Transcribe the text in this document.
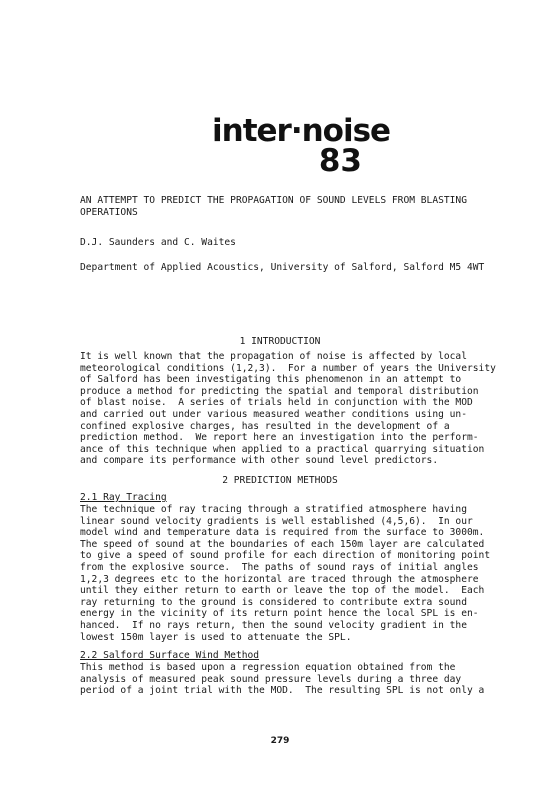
inter·noise
83
AN ATTEMPT TO PREDICT THE PROPAGATION OF SOUND LEVELS FROM BLASTING
OPERATIONS
D.J. Saunders and C. Waites
Department of Applied Acoustics, University of Salford, Salford M5 4WT
1 INTRODUCTION
It is well known that the propagation of noise is affected by local
meteorological conditions (1,2,3).  For a number of years the University
of Salford has been investigating this phenomenon in an attempt to
produce a method for predicting the spatial and temporal distribution
of blast noise.  A series of trials held in conjunction with the MOD
and carried out under various measured weather conditions using un-
confined explosive charges, has resulted in the development of a
prediction method.  We report here an investigation into the perform-
ance of this technique when applied to a practical quarrying situation
and compare its performance with other sound level predictors.
2 PREDICTION METHODS
2.1 Ray Tracing
The technique of ray tracing through a stratified atmosphere having
linear sound velocity gradients is well established (4,5,6).  In our
model wind and temperature data is required from the surface to 3000m.
The speed of sound at the boundaries of each 150m layer are calculated
to give a speed of sound profile for each direction of monitoring point
from the explosive source.  The paths of sound rays of initial angles
1,2,3 degrees etc to the horizontal are traced through the atmosphere
until they either return to earth or leave the top of the model.  Each
ray returning to the ground is considered to contribute extra sound
energy in the vicinity of its return point hence the local SPL is en-
hanced.  If no rays return, then the sound velocity gradient in the
lowest 150m layer is used to attenuate the SPL.
2.2 Salford Surface Wind Method
This method is based upon a regression equation obtained from the
analysis of measured peak sound pressure levels during a three day
period of a joint trial with the MOD.  The resulting SPL is not only a
279
